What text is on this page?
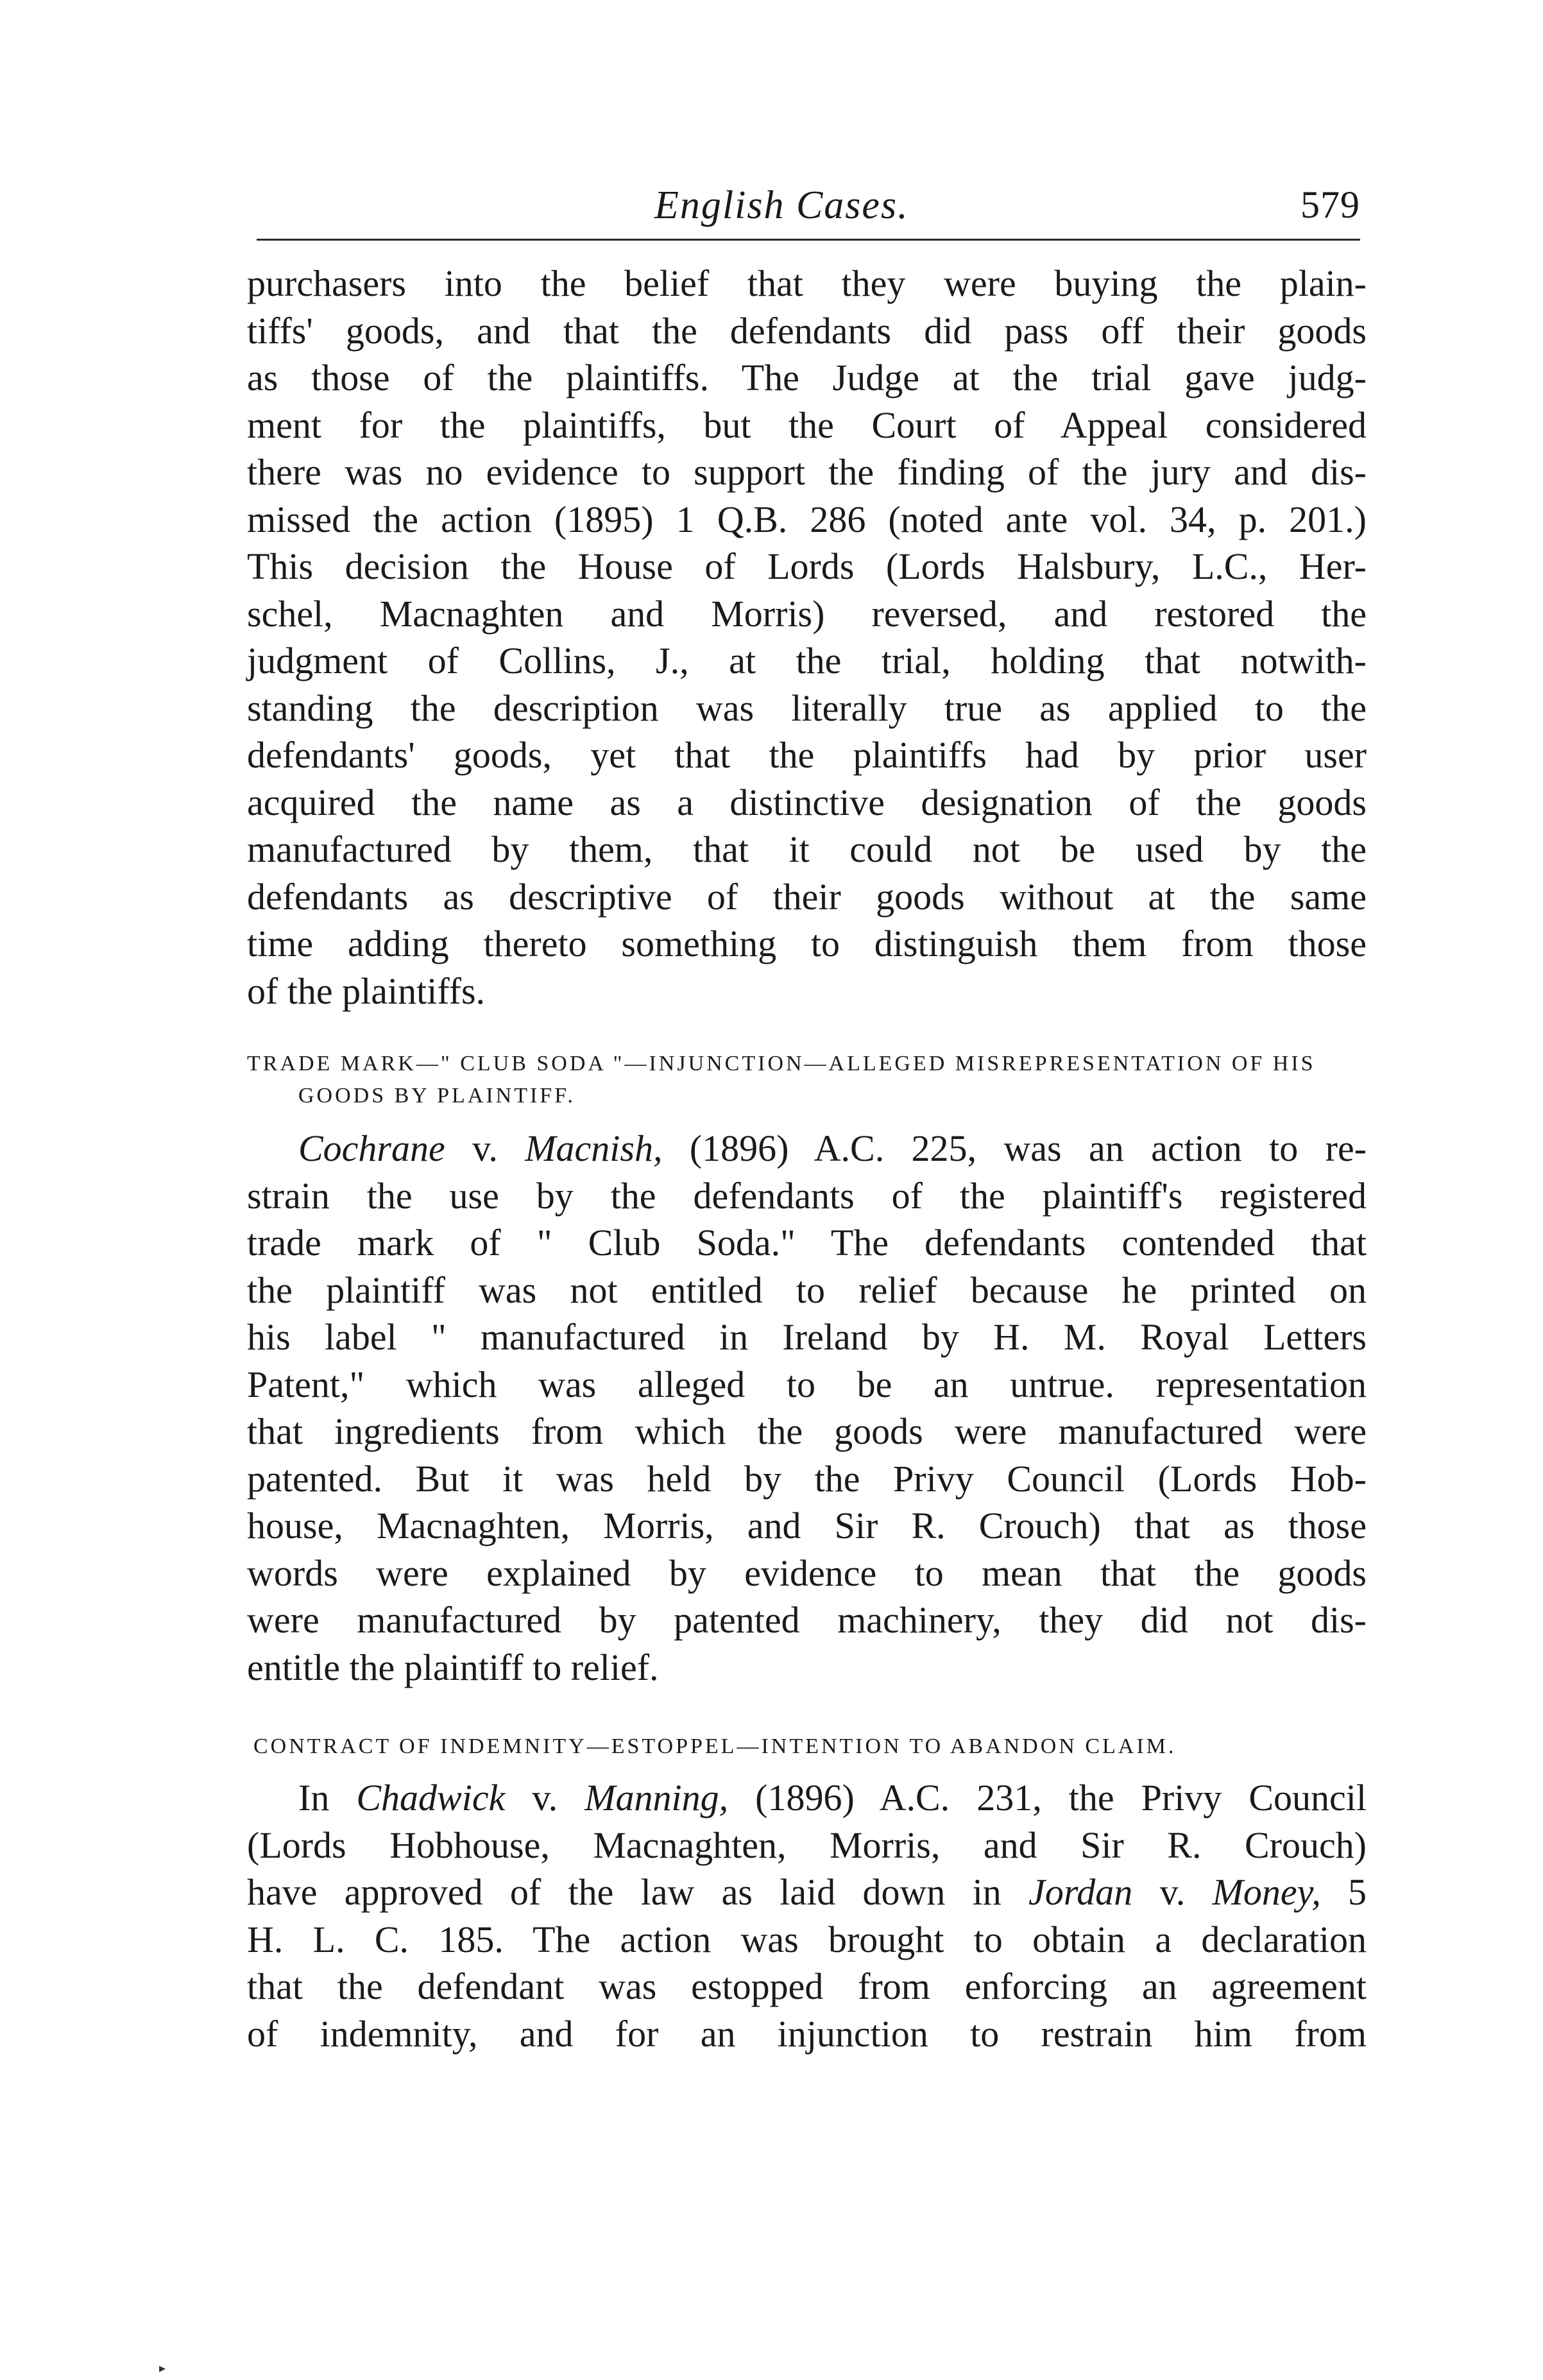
English Cases.	579

purchasers into the belief that they were buying the plain-
tiffs' goods, and that the defendants did pass off their goods
as those of the plaintiffs. The Judge at the trial gave judg-
ment for the plaintiffs, but the Court of Appeal considered
there was no evidence to support the finding of the jury and dis-
missed the action (1895) 1 Q.B. 286 (noted ante vol. 34, p. 201.)
This decision the House of Lords (Lords Halsbury, L.C., Her-
schel, Macnaghten and Morris) reversed, and restored the
judgment of Collins, J., at the trial, holding that notwith-
standing the description was literally true as applied to the
defendants' goods, yet that the plaintiffs had by prior user
acquired the name as a distinctive designation of the goods
manufactured by them, that it could not be used by the
defendants as descriptive of their goods without at the same
time adding thereto something to distinguish them from those
of the plaintiffs.

TRADE MARK—" CLUB SODA "—INJUNCTION—ALLEGED MISREPRESENTATION OF HIS

GOODS BY PLAINTIFF.

Cochrane v. Macnish, (1896) A.C. 225, was an action to re-
strain the use by the defendants of the plaintiff's registered
trade mark of " Club Soda." The defendants contended that
the plaintiff was not entitled to relief because he printed on
his label " manufactured in Ireland by H. M. Royal Letters
Patent," which was alleged to be an untrue. representation
that ingredients from which the goods were manufactured were
patented. But it was held by the Privy Council (Lords Hob-
house, Macnaghten, Morris, and Sir R. Crouch) that as those
words were explained by evidence to mean that the goods
were manufactured by patented machinery, they did not dis-
entitle the plaintiff to relief.

CONTRACT OF INDEMNITY—ESTOPPEL—INTENTION TO ABANDON CLAIM.

In Chadwick v. Manning, (1896) A.C. 231, the Privy Council
(Lords Hobhouse, Macnaghten, Morris, and Sir R. Crouch)
have approved of the law as laid down in Jordan v. Money, 5
H. L. C. 185. The action was brought to obtain a declaration
that the defendant was estopped from enforcing an agreement
of indemnity, and for an injunction to restrain him from

▸
